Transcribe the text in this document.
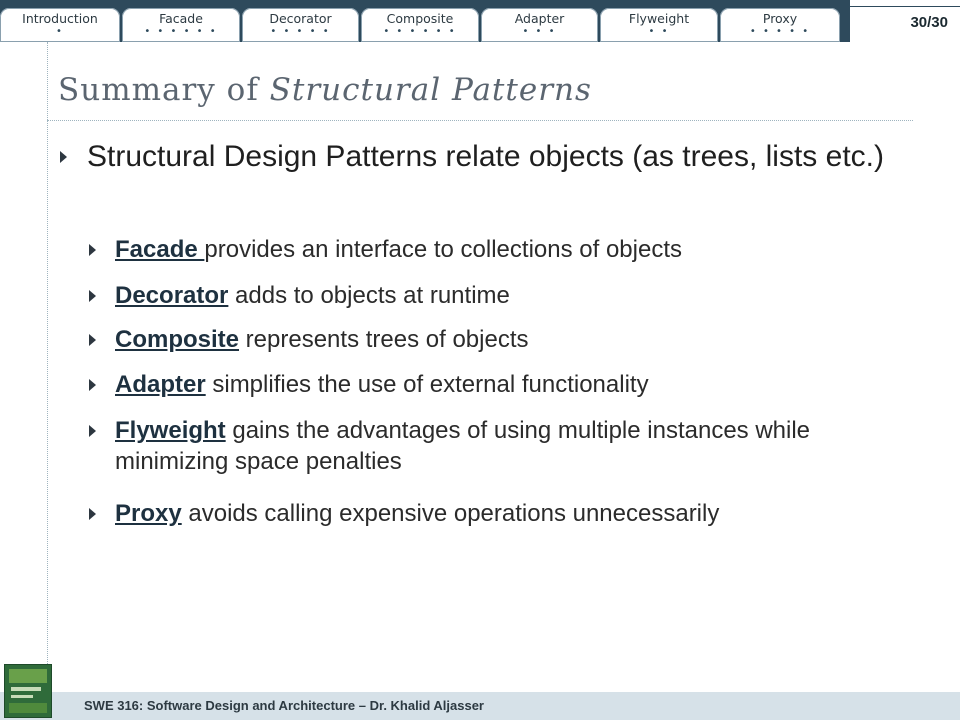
Introduction
•
Facade
• • • • • •
Decorator
• • • • •
Composite
• • • • • •
Adapter
• • •
Flyweight
• •
Proxy
• • • • •
30/30
Summary of Structural Patterns
Structural Design Patterns relate objects (as trees, lists etc.)
Facade provides an interface to collections of objects
Decorator adds to objects at runtime
Composite represents trees of objects
Adapter simplifies the use of external functionality
Flyweight gains the advantages of using multiple instances while minimizing space penalties
Proxy avoids calling expensive operations unnecessarily
SWE 316: Software Design and Architecture – Dr. Khalid Aljasser
